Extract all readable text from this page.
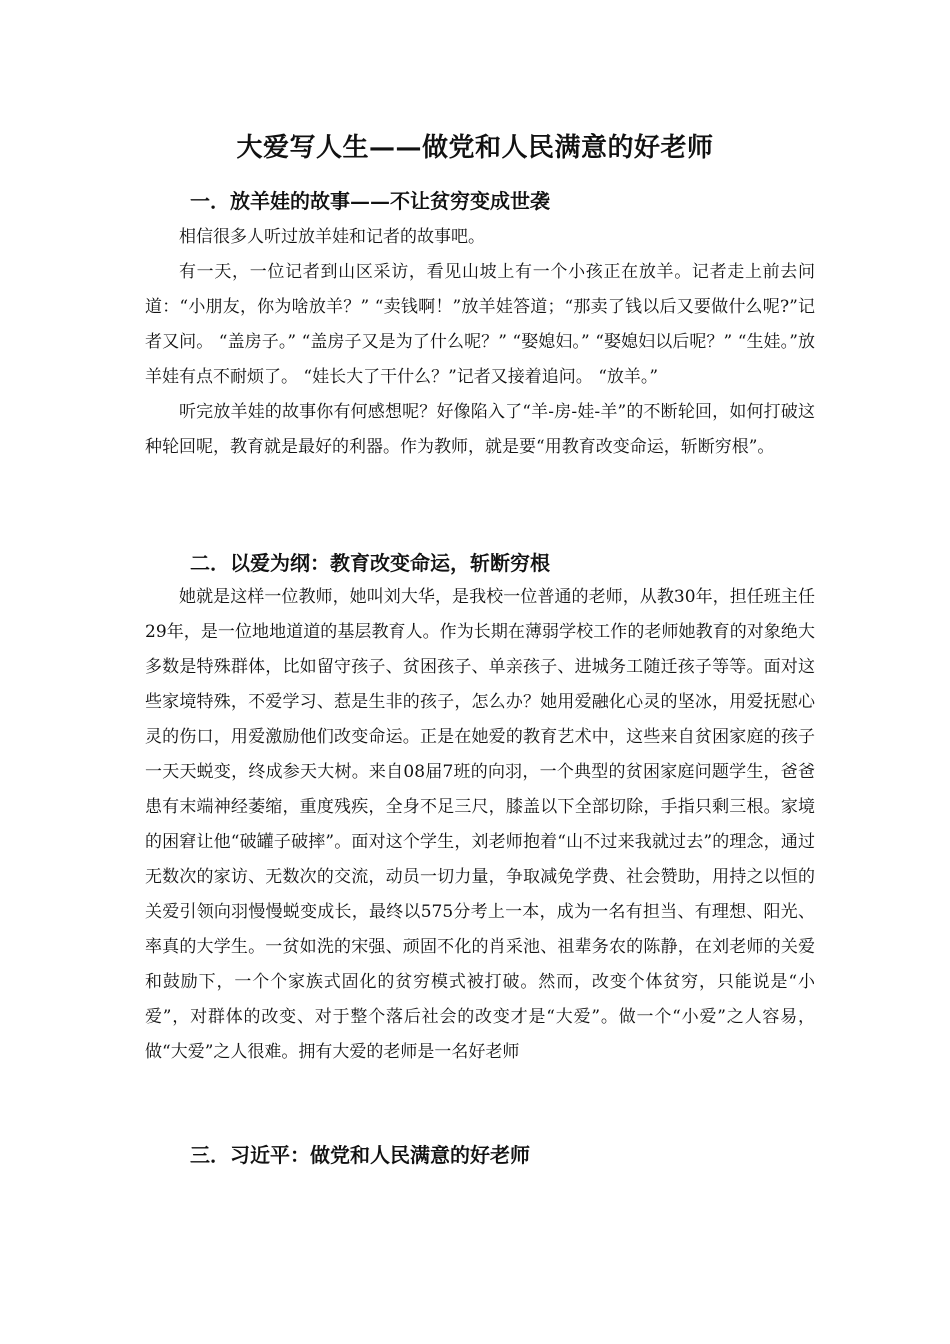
大爱写人生——做党和人民满意的好老师
一．放羊娃的故事——不让贫穷变成世袭

相信很多人听过放羊娃和记者的故事吧。

有一天，一位记者到山区采访，看见山坡上有一个小孩正在放羊。记者走上前去问道：“小朋友，你为啥放羊？” “卖钱啊！”放羊娃答道；“那卖了钱以后又要做什么呢?”记者又问。 “盖房子。” “盖房子又是为了什么呢？” “娶媳妇。” “娶媳妇以后呢？” “生娃。”放羊娃有点不耐烦了。 “娃长大了干什么？”记者又接着追问。 “放羊。”

听完放羊娃的故事你有何感想呢？好像陷入了“羊-房-娃-羊”的不断轮回，如何打破这种轮回呢，教育就是最好的利器。作为教师，就是要“用教育改变命运，斩断穷根”。

二．以爱为纲：教育改变命运，斩断穷根

她就是这样一位教师，她叫刘大华，是我校一位普通的老师，从教30年，担任班主任29年，是一位地地道道的基层教育人。作为长期在薄弱学校工作的老师她教育的对象绝大多数是特殊群体，比如留守孩子、贫困孩子、单亲孩子、进城务工随迁孩子等等。面对这些家境特殊，不爱学习、惹是生非的孩子，怎么办？她用爱融化心灵的坚冰，用爱抚慰心灵的伤口，用爱激励他们改变命运。正是在她爱的教育艺术中，这些来自贫困家庭的孩子一天天蜕变，终成参天大树。来自08届7班的向羽，一个典型的贫困家庭问题学生，爸爸患有末端神经萎缩，重度残疾，全身不足三尺，膝盖以下全部切除，手指只剩三根。家境的困窘让他“破罐子破摔”。面对这个学生，刘老师抱着“山不过来我就过去”的理念，通过无数次的家访、无数次的交流，动员一切力量，争取减免学费、社会赞助，用持之以恒的关爱引领向羽慢慢蜕变成长，最终以575分考上一本，成为一名有担当、有理想、阳光、率真的大学生。一贫如洗的宋强、顽固不化的肖采池、祖辈务农的陈静，在刘老师的关爱和鼓励下，一个个家族式固化的贫穷模式被打破。然而，改变个体贫穷，只能说是“小爱”，对群体的改变、对于整个落后社会的改变才是“大爱”。做一个“小爱”之人容易，做“大爱”之人很难。拥有大爱的老师是一名好老师

三．习近平：做党和人民满意的好老师
